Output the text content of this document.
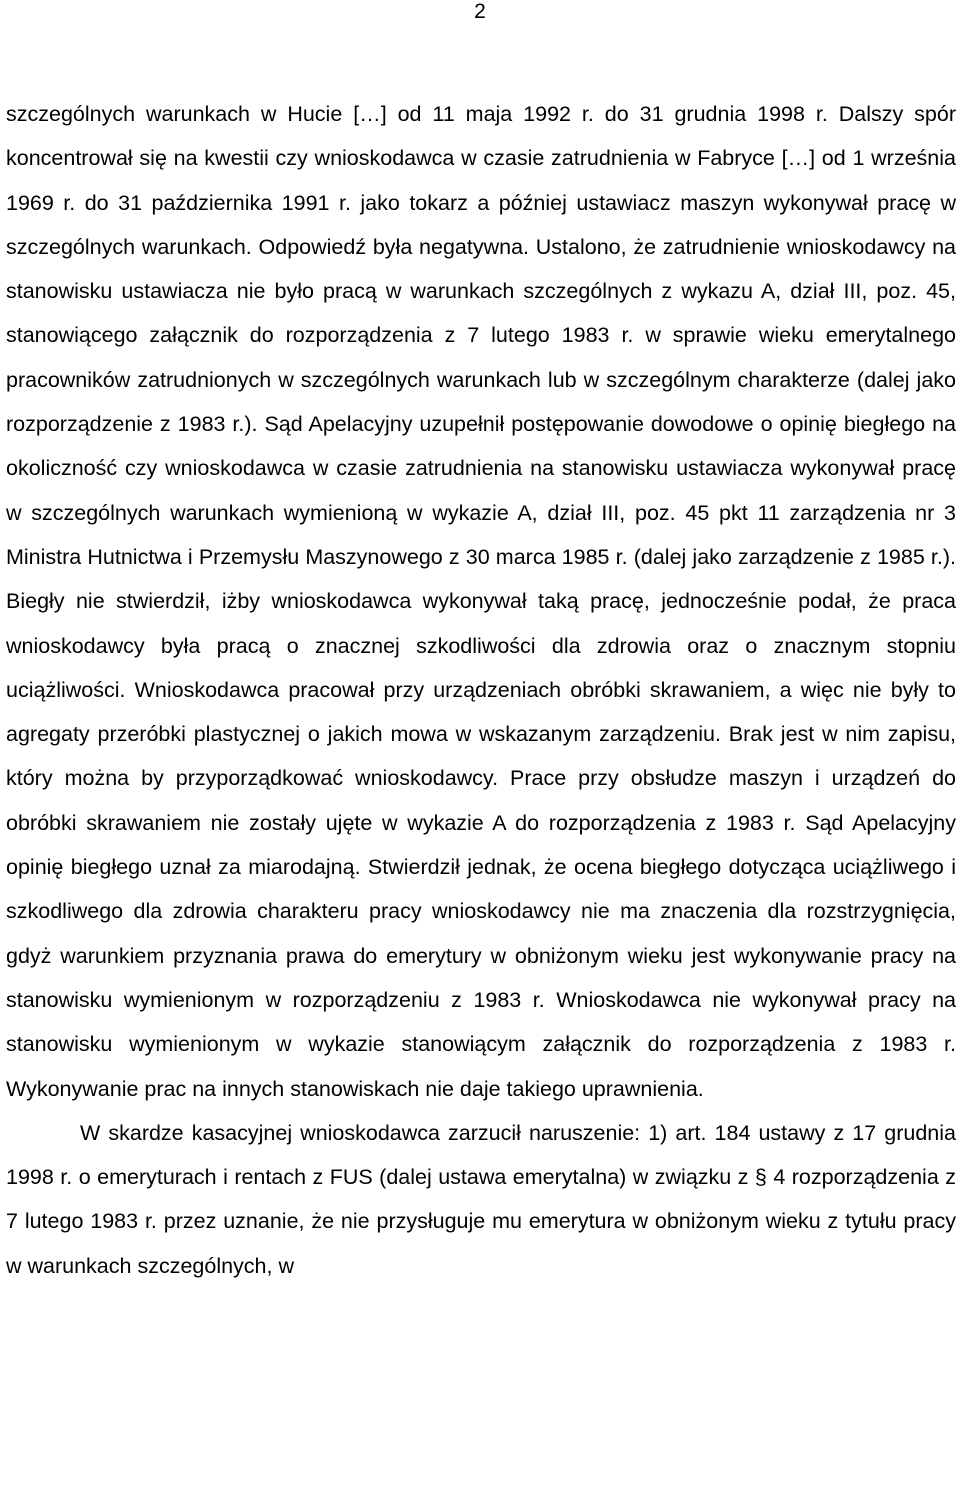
2

szczególnych warunkach w Hucie […] od 11 maja 1992 r. do 31 grudnia 1998 r. Dalszy spór koncentrował się na kwestii czy wnioskodawca w czasie zatrudnienia w Fabryce […] od 1 września 1969 r. do 31 października 1991 r. jako tokarz a później ustawiacz maszyn wykonywał pracę w szczególnych warunkach. Odpowiedź była negatywna. Ustalono, że zatrudnienie wnioskodawcy na stanowisku ustawiacza nie było pracą w warunkach szczególnych z wykazu A, dział III, poz. 45, stanowiącego załącznik do rozporządzenia z 7 lutego 1983 r. w sprawie wieku emerytalnego pracowników zatrudnionych w szczególnych warunkach lub w szczególnym charakterze (dalej jako rozporządzenie z 1983 r.). Sąd Apelacyjny uzupełnił postępowanie dowodowe o opinię biegłego na okoliczność czy wnioskodawca w czasie zatrudnienia na stanowisku ustawiacza wykonywał pracę w szczególnych warunkach wymienioną w wykazie A, dział III, poz. 45 pkt 11 zarządzenia nr 3 Ministra Hutnictwa i Przemysłu Maszynowego z 30 marca 1985 r. (dalej jako zarządzenie z 1985 r.). Biegły nie stwierdził, iżby wnioskodawca wykonywał taką pracę, jednocześnie podał, że praca wnioskodawcy była pracą o znacznej szkodliwości dla zdrowia oraz o znacznym stopniu uciążliwości. Wnioskodawca pracował przy urządzeniach obróbki skrawaniem, a więc nie były to agregaty przeróbki plastycznej o jakich mowa w wskazanym zarządzeniu. Brak jest w nim zapisu, który można by przyporządkować wnioskodawcy. Prace przy obsłudze maszyn i urządzeń do obróbki skrawaniem nie zostały ujęte w wykazie A do rozporządzenia z 1983 r. Sąd Apelacyjny opinię biegłego uznał za miarodajną. Stwierdził jednak, że ocena biegłego dotycząca uciążliwego i szkodliwego dla zdrowia charakteru pracy wnioskodawcy nie ma znaczenia dla rozstrzygnięcia, gdyż warunkiem przyznania prawa do emerytury w obniżonym wieku jest wykonywanie pracy na stanowisku wymienionym w rozporządzeniu z 1983 r. Wnioskodawca nie wykonywał pracy na stanowisku wymienionym w wykazie stanowiącym załącznik do rozporządzenia z 1983 r. Wykonywanie prac na innych stanowiskach nie daje takiego uprawnienia.

W skardze kasacyjnej wnioskodawca zarzucił naruszenie: 1) art. 184 ustawy z 17 grudnia 1998 r. o emeryturach i rentach z FUS (dalej ustawa emerytalna) w związku z § 4 rozporządzenia z 7 lutego 1983 r. przez uznanie, że nie przysługuje mu emerytura w obniżonym wieku z tytułu pracy w warunkach szczególnych, w
